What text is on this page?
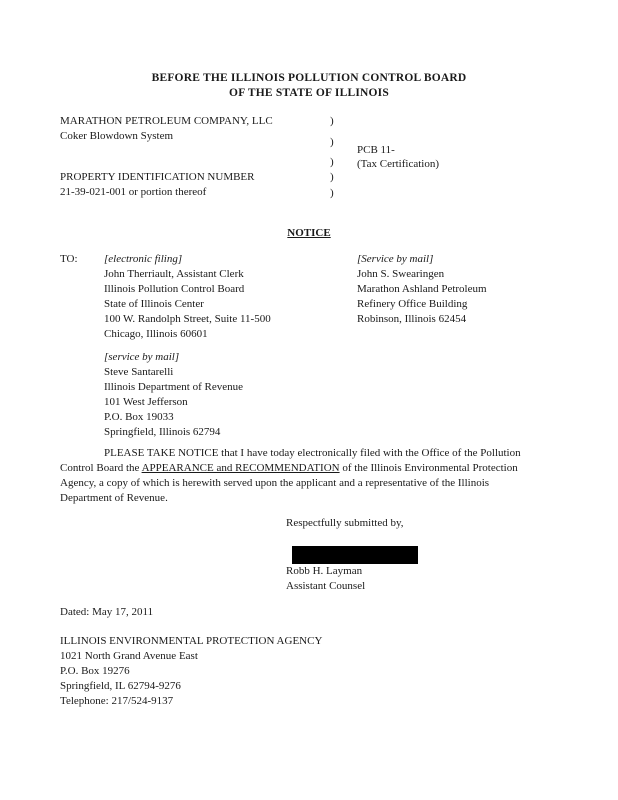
BEFORE THE ILLINOIS POLLUTION CONTROL BOARD
OF THE STATE OF ILLINOIS
MARATHON PETROLEUM COMPANY, LLC
Coker Blowdown System
PROPERTY IDENTIFICATION NUMBER
21-39-021-001 or portion thereof
)
)
)
)
)
PCB 11-
(Tax Certification)
NOTICE
TO: [electronic filing]
John Therriault, Assistant Clerk
Illinois Pollution Control Board
State of Illinois Center
100 W. Randolph Street, Suite 11-500
Chicago, Illinois 60601
[Service by mail]
John S. Swearingen
Marathon Ashland Petroleum
Refinery Office Building
Robinson, Illinois 62454
[service by mail]
Steve Santarelli
Illinois Department of Revenue
101 West Jefferson
P.O. Box 19033
Springfield, Illinois 62794
PLEASE TAKE NOTICE that I have today electronically filed with the Office of the Pollution Control Board the APPEARANCE and RECOMMENDATION of the Illinois Environmental Protection Agency, a copy of which is herewith served upon the applicant and a representative of the Illinois Department of Revenue.
Respectfully submitted by,
Robb H. Layman
Assistant Counsel
Dated: May 17, 2011
ILLINOIS ENVIRONMENTAL PROTECTION AGENCY
1021 North Grand Avenue East
P.O. Box 19276
Springfield, IL 62794-9276
Telephone: 217/524-9137
